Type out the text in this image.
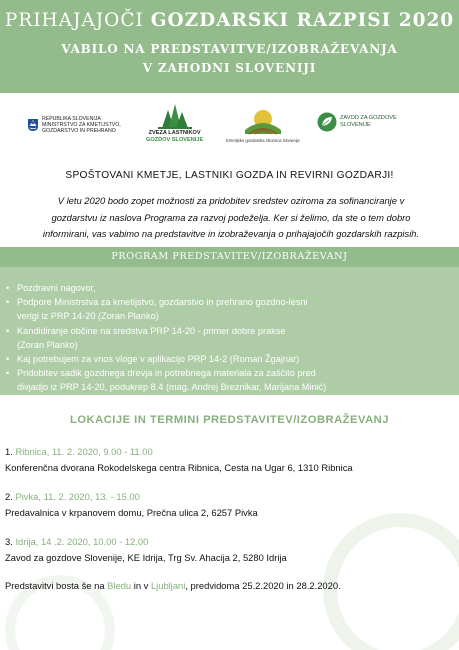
PRIHAJAJOČI GOZDARSKI RAZPISI 2020
VABILO NA PREDSTAVITVE/IZOBRAŽEVANJA
V ZAHODNI SLOVENIJI
REPUBLIKA SLOVENIJA
MINISTRSTVO ZA KMETIJSTVO,
GOZDARSTVO IN PREHRANO	ZVEZA LASTNIKOV
GOZDOV SLOVENIJE	Kmetijsko gozdarska zbornica Slovenije
ZAVOD ZA GOZDOVE
SLOVENIJE
SPOŠTOVANI KMETJE, LASTNIKI GOZDA IN REVIRNI GOZDARJI!
V letu 2020 bodo zopet možnosti za pridobitev sredstev oziroma za sofinanciranje v
gozdarstvu iz naslova Programa za razvoj podeželja. Ker si želimo, da ste o tem dobro
informirani, vas vabimo na predstavitve in izobraževanja o prihajajočih gozdarskih razpisih.
PROGRAM PREDSTAVITEV/IZOBRAŽEVANJ
• Pozdravni nagovor,
• Podpore Ministrstva za kmetijstvo, gozdarstvo in prehrano gozdno-lesni
verigi iz PRP 14-20 (Zoran Planko)
• Kandidiranje občine na sredstva PRP 14-20 - primer dobre prakse
(Zoran Planko)
• Kaj potrebujem za vnos vloge v aplikacijo PRP 14-2 (Roman Žgajnar)
• Pridobitev sadik gozdnega drevja in potrebnega materiala za zaščito pred
divjadjo iz PRP 14-20, podukrep 8.4 (mag. Andrej Breznikar, Marijana Minić)
LOKACIJE IN TERMINI PREDSTAVITEV/IZOBRAŽEVANJ
1. Ribnica, 11. 2. 2020, 9.00 - 11.00
Konferenčna dvorana Rokodelskega centra Ribnica, Cesta na Ugar 6, 1310 Ribnica
2. Pivka, 11. 2. 2020, 13. - 15.00
Predavalnica v krpanovem domu, Prečna ulica 2, 6257 Pivka
3. Idrija, 14 .2. 2020, 10.00 - 12.00
Zavod za gozdove Slovenije, KE Idrija, Trg Sv. Ahacija 2, 5280 Idrija
Predstavitvi bosta še na Bledu in v Ljubljani, predvidoma 25.2.2020 in 28.2.2020.
